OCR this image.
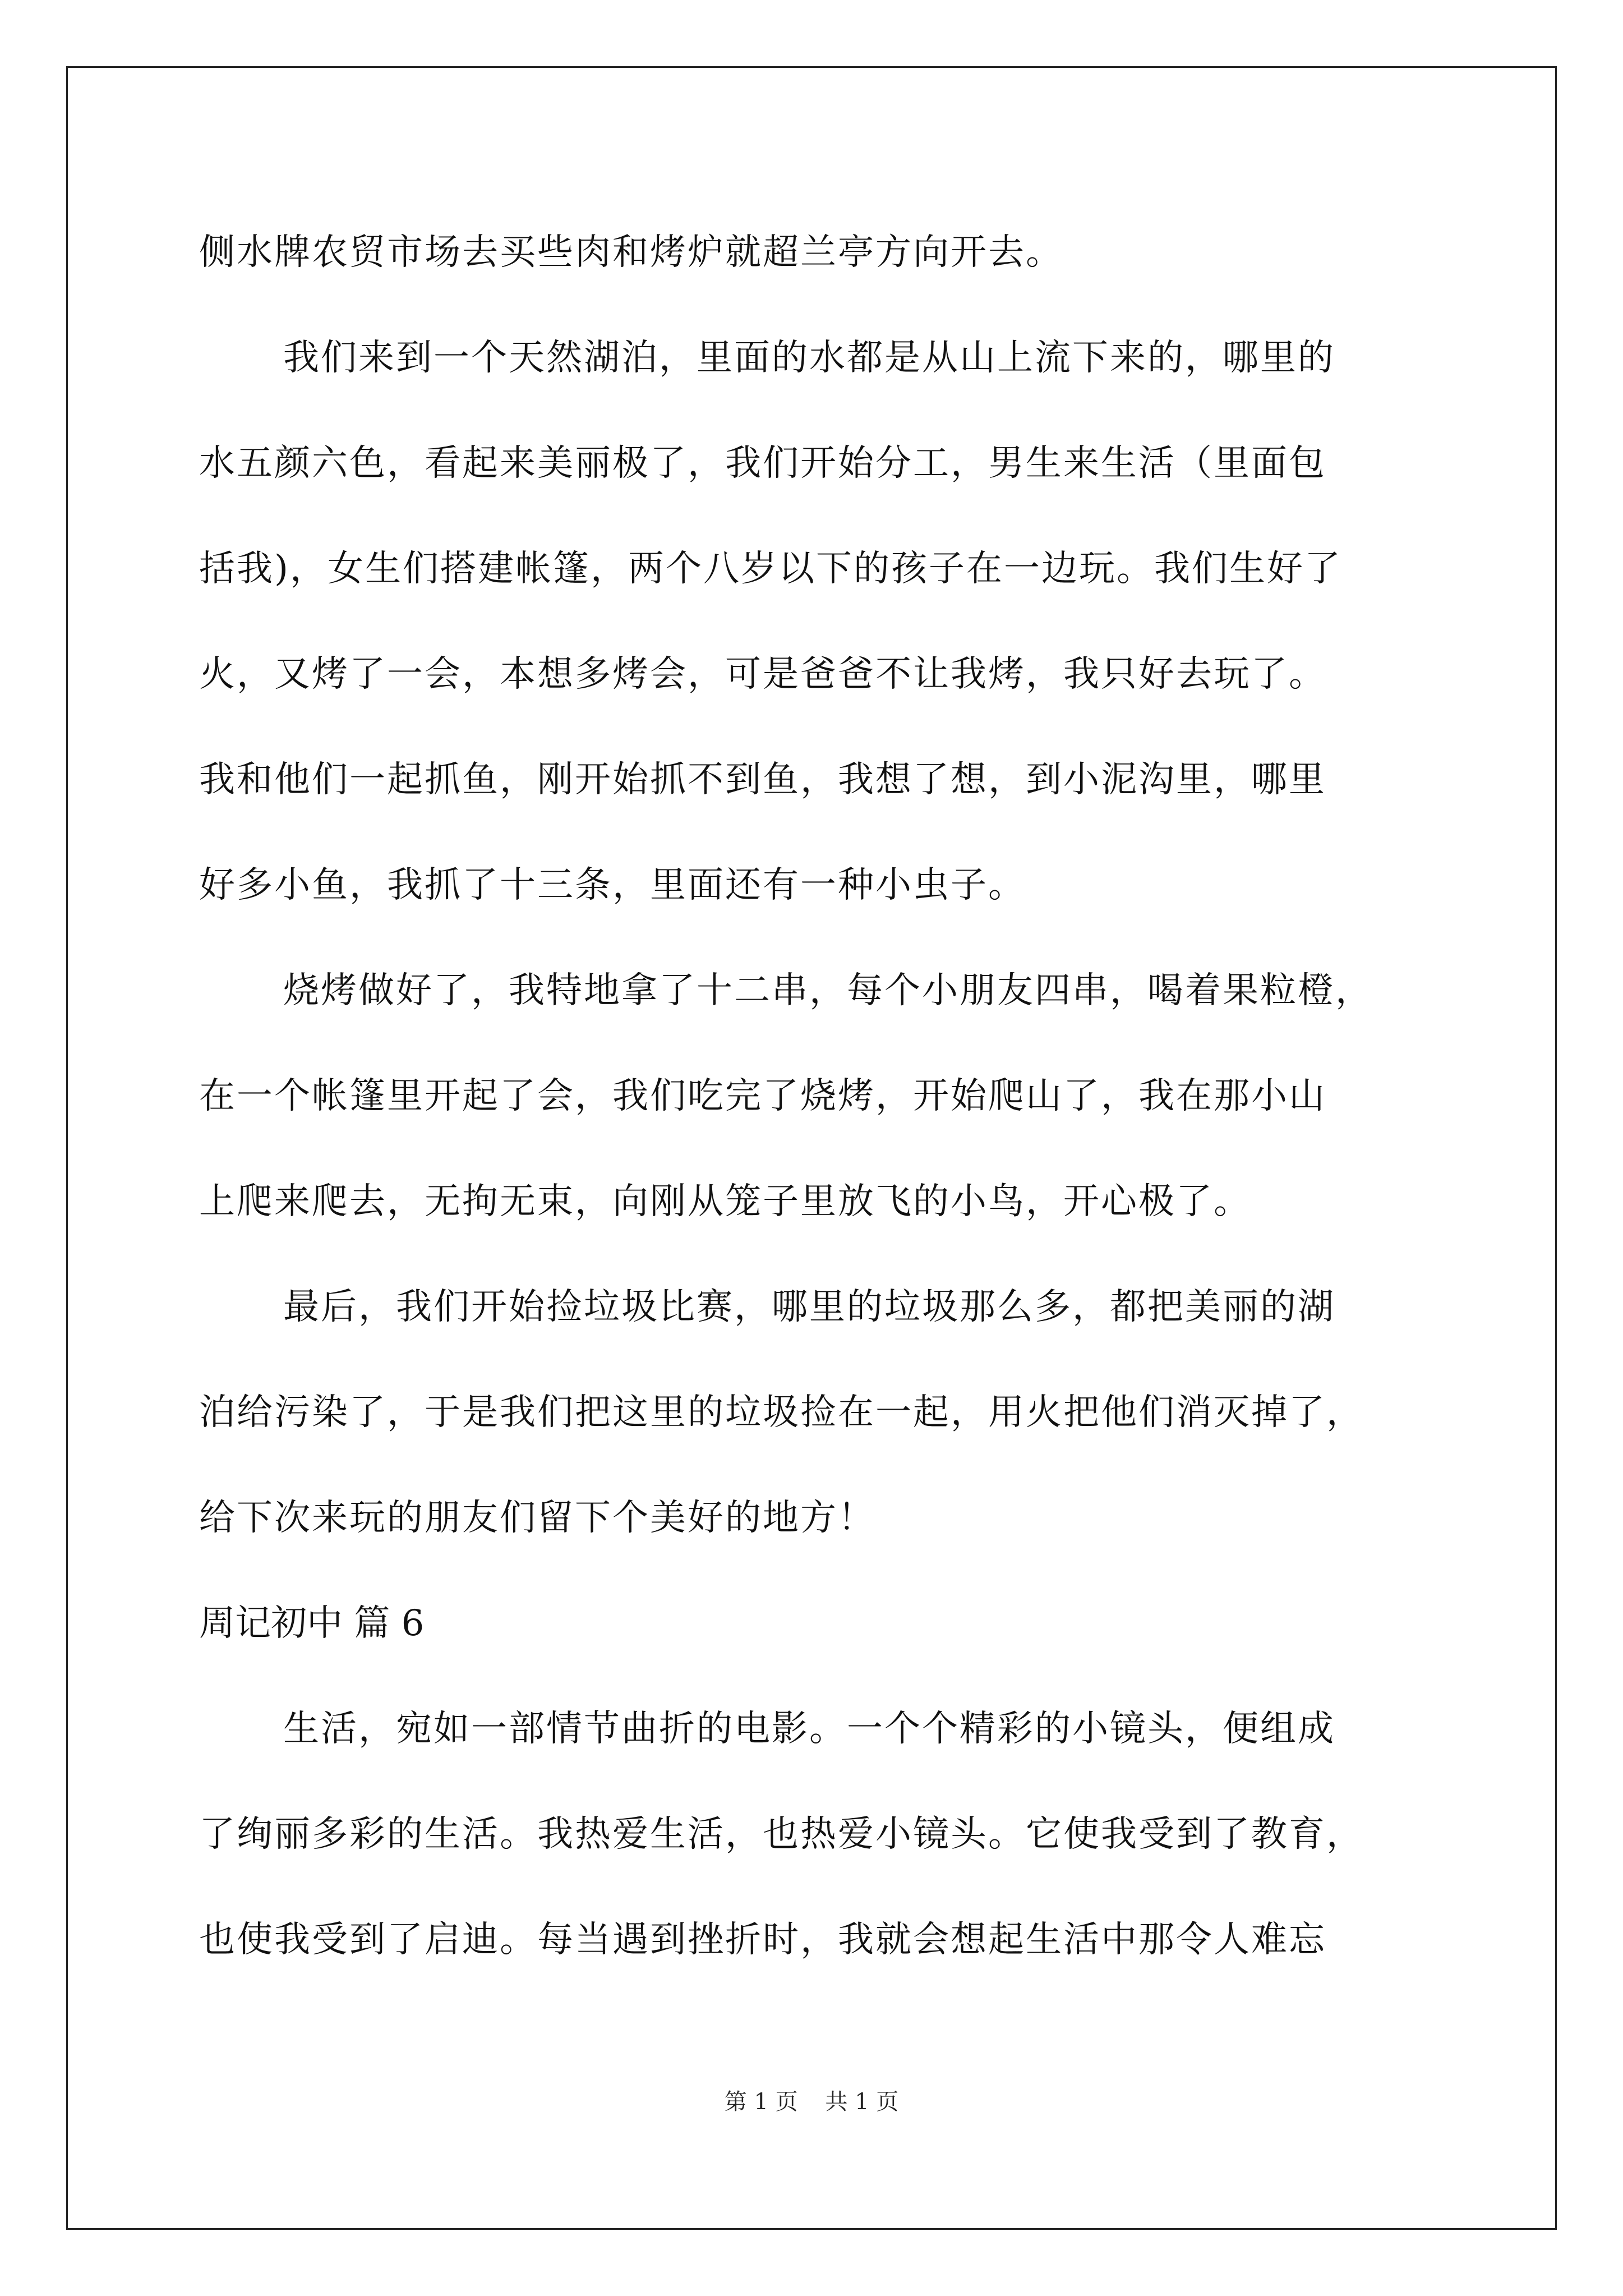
侧水牌农贸市场去买些肉和烤炉就超兰亭方向开去。
我们来到一个天然湖泊，里面的水都是从山上流下来的，哪里的
水五颜六色，看起来美丽极了，我们开始分工，男生来生活（里面包
括我)，女生们搭建帐篷，两个八岁以下的孩子在一边玩。我们生好了
火，又烤了一会，本想多烤会，可是爸爸不让我烤，我只好去玩了。
我和他们一起抓鱼，刚开始抓不到鱼，我想了想，到小泥沟里，哪里
好多小鱼，我抓了十三条，里面还有一种小虫子。
烧烤做好了，我特地拿了十二串，每个小朋友四串，喝着果粒橙，
在一个帐篷里开起了会，我们吃完了烧烤，开始爬山了，我在那小山
上爬来爬去，无拘无束，向刚从笼子里放飞的小鸟，开心极了。
最后，我们开始捡垃圾比赛，哪里的垃圾那么多，都把美丽的湖
泊给污染了，于是我们把这里的垃圾捡在一起，用火把他们消灭掉了，
给下次来玩的朋友们留下个美好的地方！
周记初中 篇 6
生活，宛如一部情节曲折的电影。一个个精彩的小镜头，便组成
了绚丽多彩的生活。我热爱生活，也热爱小镜头。它使我受到了教育，
也使我受到了启迪。每当遇到挫折时，我就会想起生活中那令人难忘
第 1 页 共 1 页
